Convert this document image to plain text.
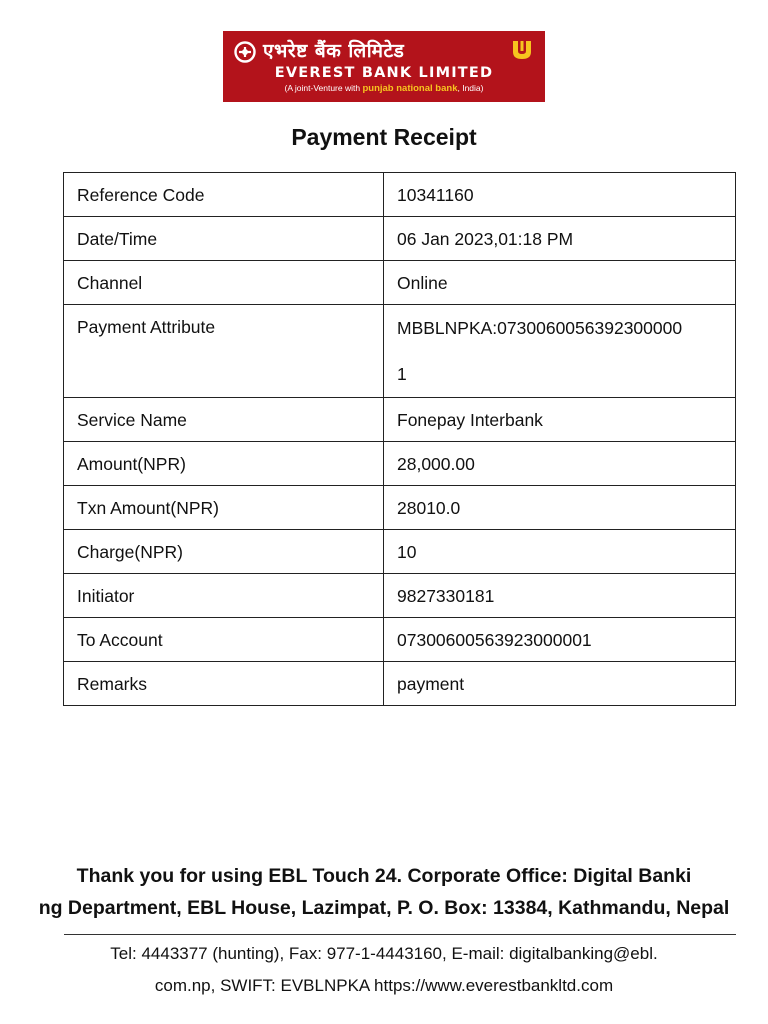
एभरेष्ट बैंक लिमिटेड
EVEREST BANK LIMITED
(A joint-Venture with punjab national bank, India)
Payment Receipt
Reference Code	10341160
Date/Time	06 Jan 2023,01:18 PM
Channel	Online
Payment Attribute	MBBLNPKA:0730060056392300000
1

Service Name	Fonepay Interbank
Amount(NPR)	28,000.00
Txn Amount(NPR)	28010.0
Charge(NPR)	10
Initiator	9827330181
To Account	07300600563923000001
Remarks	payment
Thank you for using EBL Touch 24. Corporate Office: Digital Banki
ng Department, EBL House, Lazimpat, P. O. Box: 13384, Kathmandu, Nepal
Tel: 4443377 (hunting), Fax: 977-1-4443160, E-mail: digitalbanking@ebl.
com.np, SWIFT: EVBLNPKA https://www.everestbankltd.com
